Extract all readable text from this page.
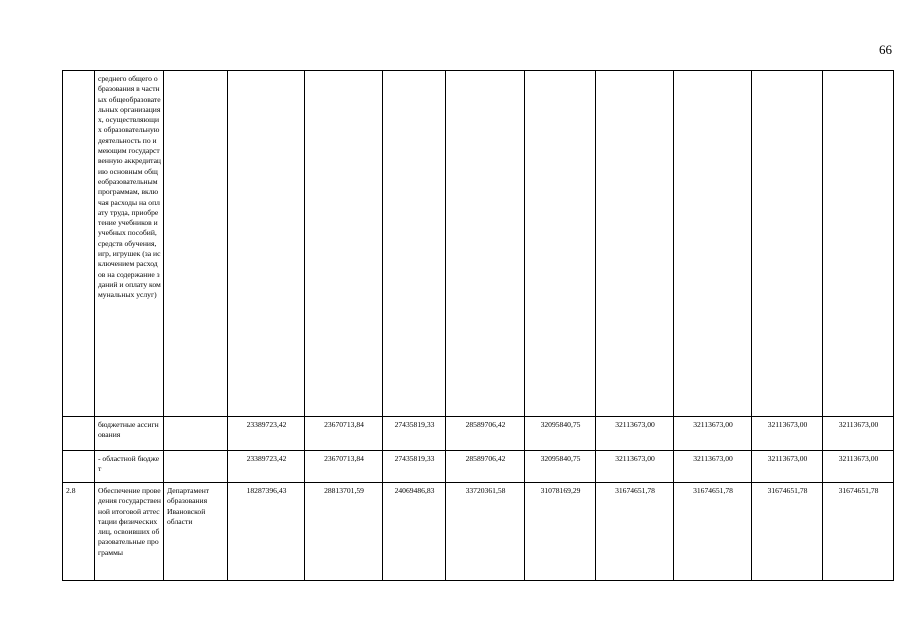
66
	среднего общего образования в частных общеобразовательных организациях, осуществляющих образовательную деятельность по имеющим государственную аккредитацию основным общеобразовательным программам, включая расходы на оплату труда, приобретение учебников и учебных пособий, средств обучения, игр, игрушек (за исключением расходов на содержание зданий и оплату коммунальных услуг)										
	бюджетные ассигнования		23389723,42	23670713,84	27435819,33	28589706,42	32095840,75	32113673,00	32113673,00	32113673,00	32113673,00
	- областной бюджет		23389723,42	23670713,84	27435819,33	28589706,42	32095840,75	32113673,00	32113673,00	32113673,00	32113673,00
2.8	Обеспечение проведения государственной итоговой аттестации физических лиц, освоивших образовательные программы	Департамент образования Ивановской области	18287396,43	28813701,59	24069486,83	33720361,58	31078169,29	31674651,78	31674651,78	31674651,78	31674651,78
